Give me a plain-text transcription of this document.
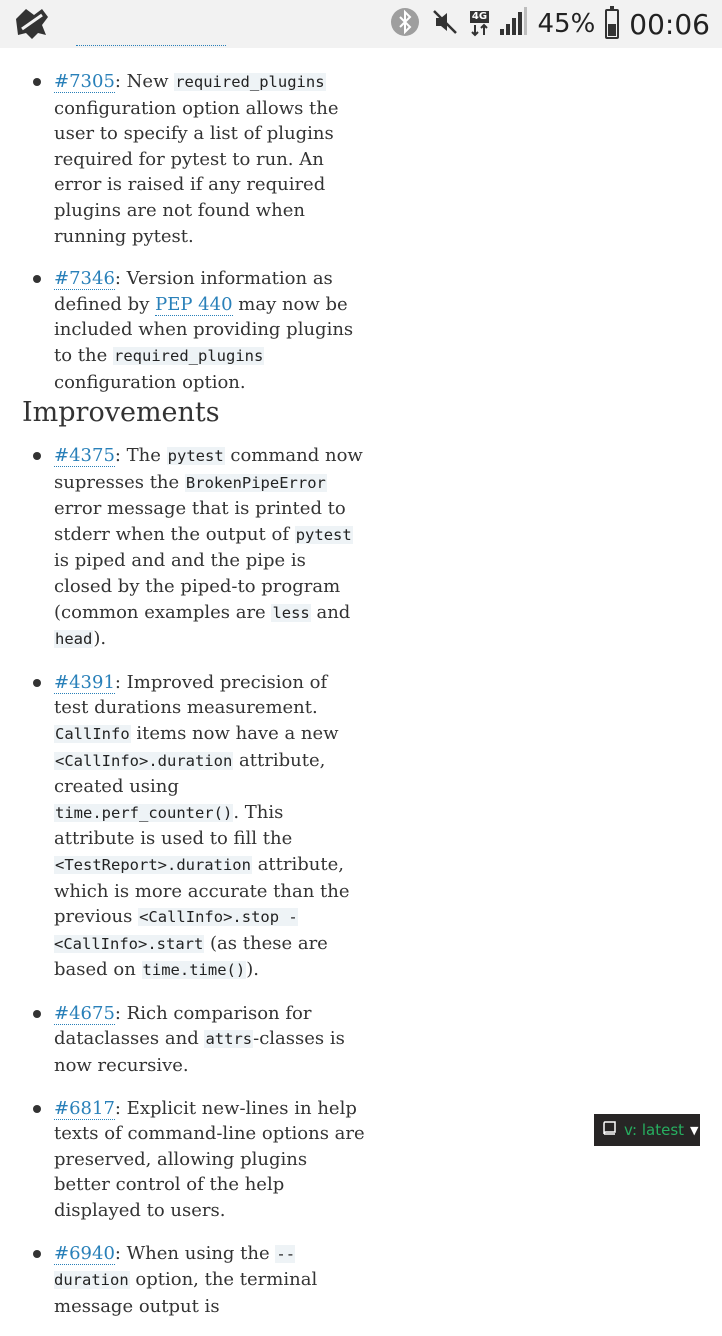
4G 45% 00:06
#7305: New required_plugins configuration option allows the user to specify a list of plugins required for pytest to run. An error is raised if any required plugins are not found when running pytest.
#7346: Version information as defined by PEP 440 may now be included when providing plugins to the required_plugins configuration option.
Improvements
#4375: The pytest command now supresses the BrokenPipeError error message that is printed to stderr when the output of pytest is piped and and the pipe is closed by the piped-to program (common examples are less and head).
#4391: Improved precision of test durations measurement. CallInfo items now have a new <CallInfo>.duration attribute, created using time.perf_counter(). This attribute is used to fill the <TestReport>.duration attribute, which is more accurate than the previous <CallInfo>.stop - <CallInfo>.start (as these are based on time.time()).
#4675: Rich comparison for dataclasses and attrs-classes is now recursive.
#6817: Explicit new-lines in help texts of command-line options are preserved, allowing plugins better control of the help displayed to users.
#6940: When using the --duration option, the terminal message output is
v: latest ▼
